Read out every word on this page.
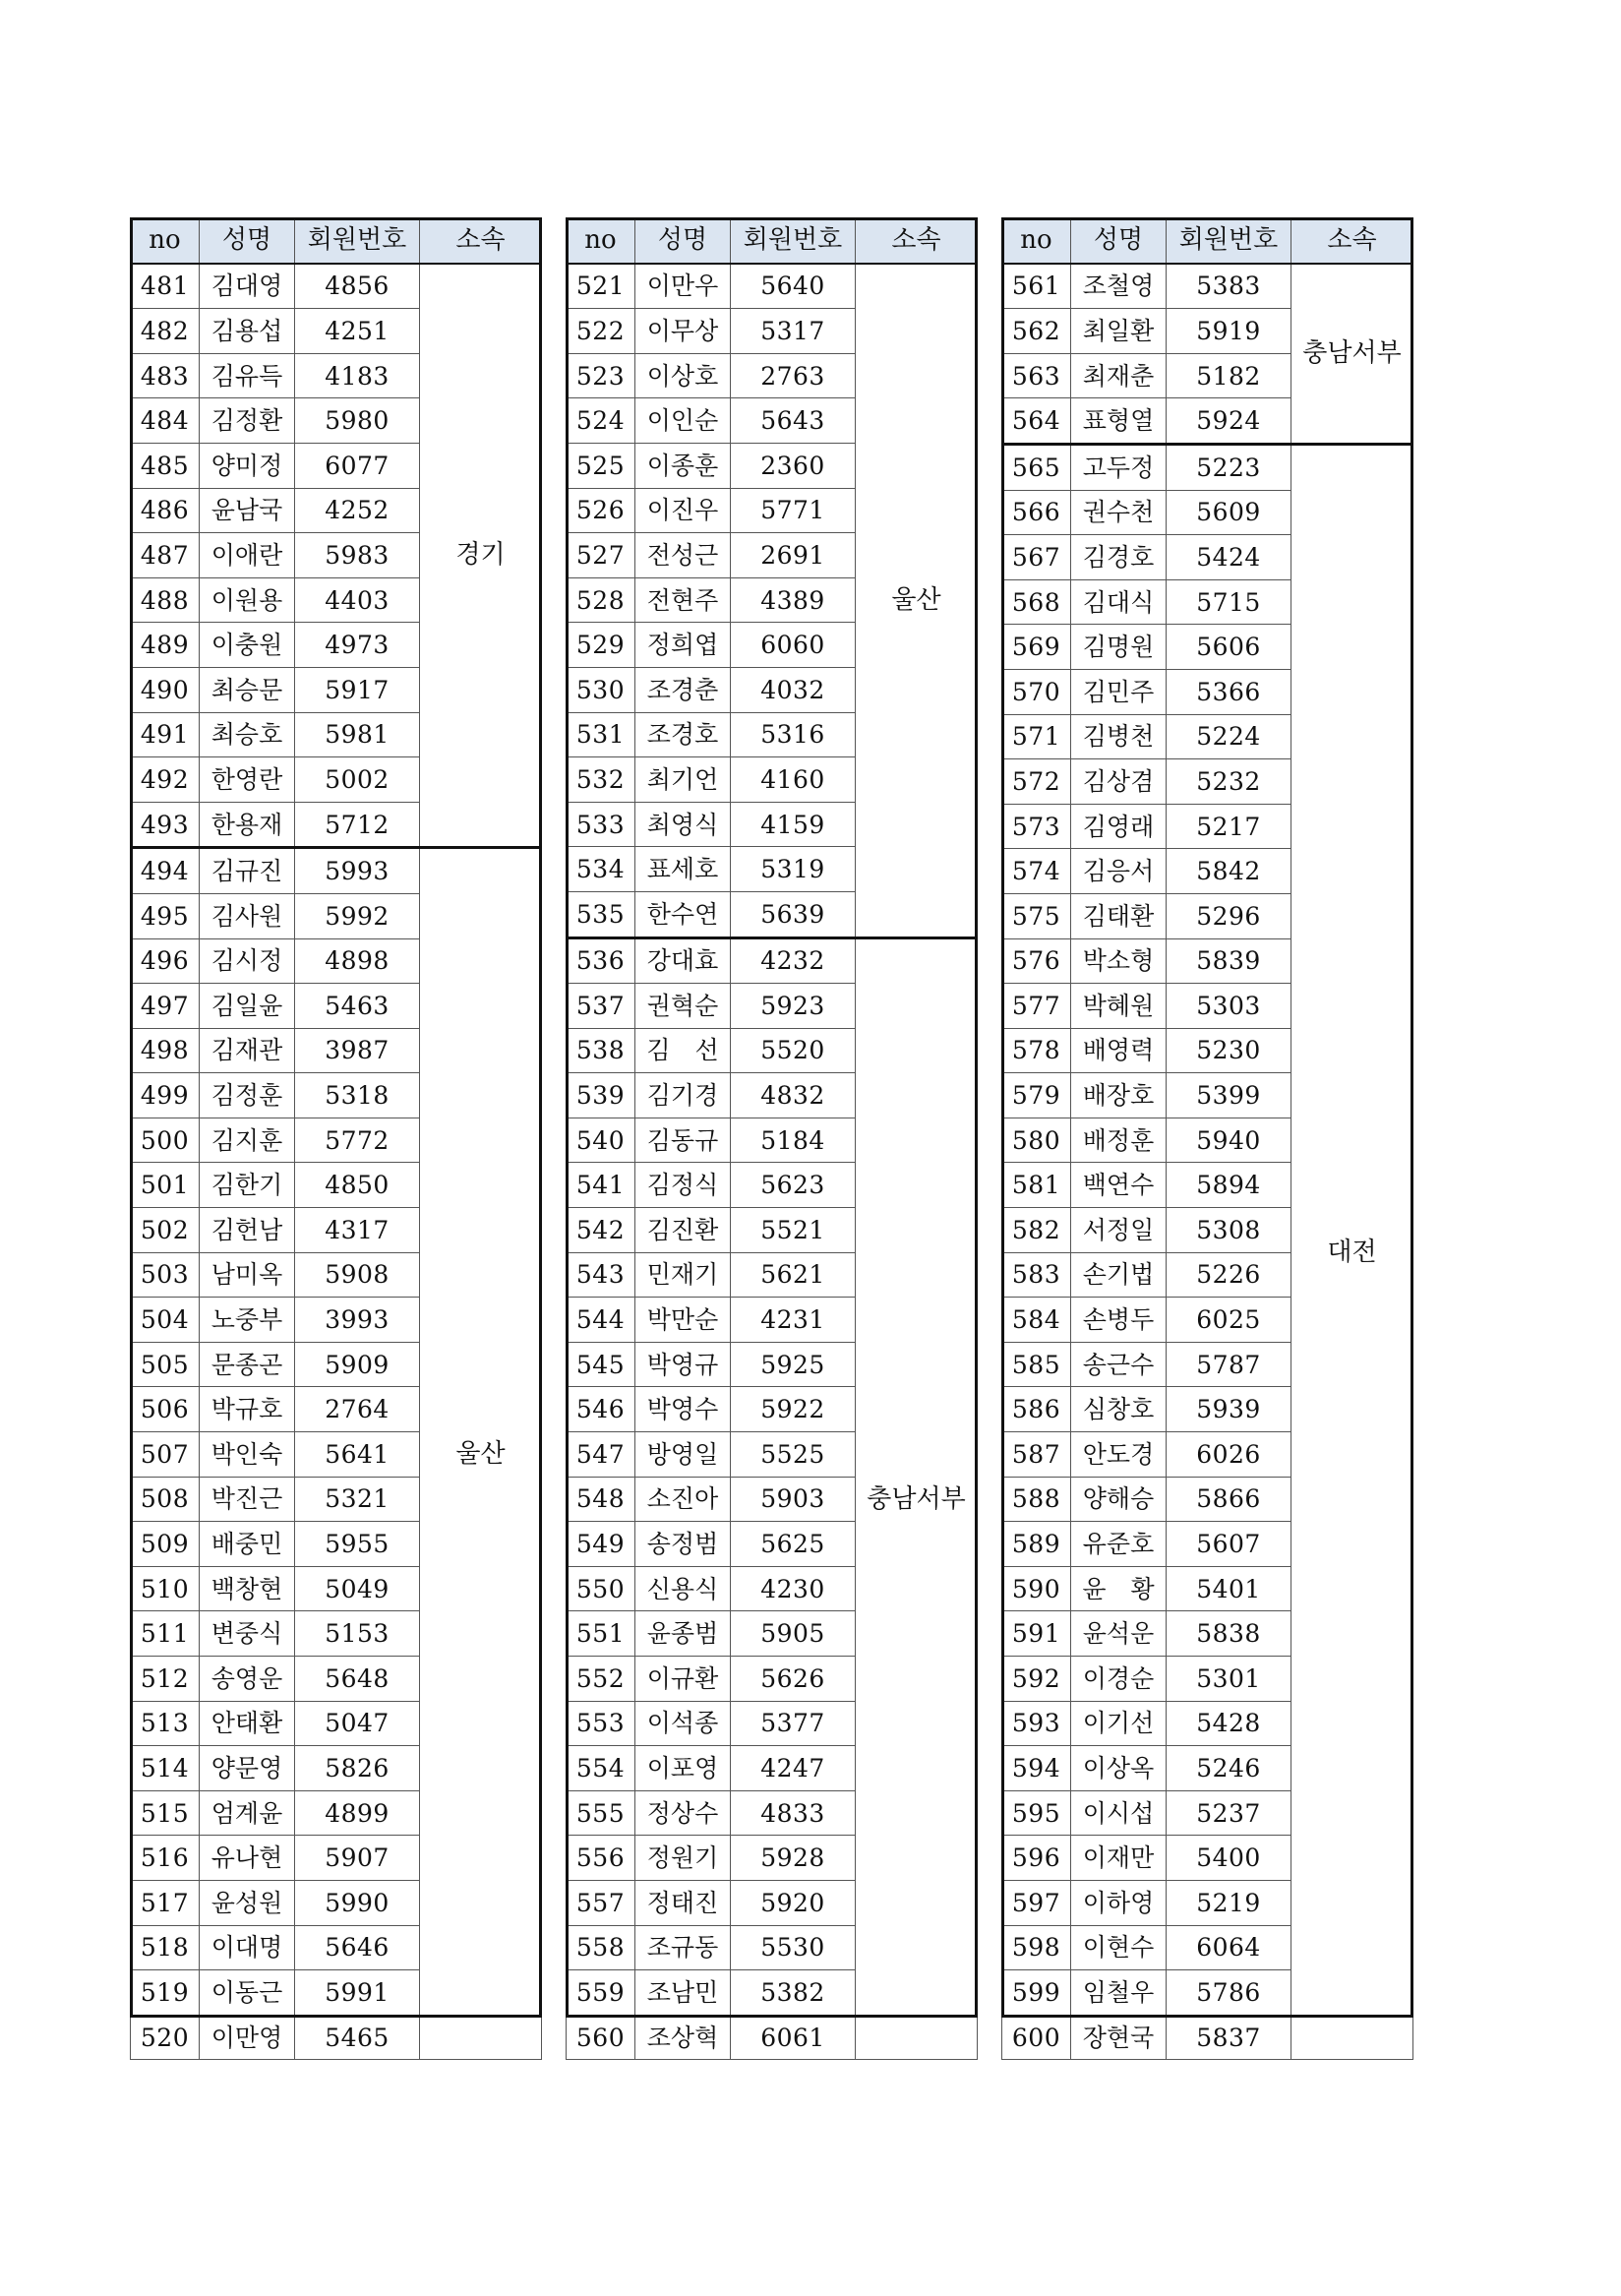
no	성명	회원번호	소속
481	김대영	4856	경기
482	김용섭	4251	
483	김유득	4183	
484	김정환	5980	
485	양미정	6077	
486	윤남국	4252	
487	이애란	5983	
488	이원용	4403	
489	이충원	4973	
490	최승문	5917	
491	최승호	5981	
492	한영란	5002	
493	한용재	5712	
494	김규진	5993	울산
495	김사원	5992	
496	김시정	4898	
497	김일윤	5463	
498	김재관	3987	
499	김정훈	5318	
500	김지훈	5772	
501	김한기	4850	
502	김헌남	4317	
503	남미옥	5908	
504	노중부	3993	
505	문종곤	5909	
506	박규호	2764	
507	박인숙	5641	
508	박진근	5321	
509	배중민	5955	
510	백창현	5049	
511	변중식	5153	
512	송영운	5648	
513	안태환	5047	
514	양문영	5826	
515	엄계윤	4899	
516	유나현	5907	
517	윤성원	5990	
518	이대명	5646	
519	이동근	5991	
520	이만영	5465	
no	성명	회원번호	소속
521	이만우	5640	울산
522	이무상	5317	
523	이상호	2763	
524	이인순	5643	
525	이종훈	2360	
526	이진우	5771	
527	전성근	2691	
528	전현주	4389	
529	정희엽	6060	
530	조경춘	4032	
531	조경호	5316	
532	최기언	4160	
533	최영식	4159	
534	표세호	5319	
535	한수연	5639	
536	강대효	4232	충남서부
537	권혁순	5923	
538	김　선	5520	
539	김기경	4832	
540	김동규	5184	
541	김정식	5623	
542	김진환	5521	
543	민재기	5621	
544	박만순	4231	
545	박영규	5925	
546	박영수	5922	
547	방영일	5525	
548	소진아	5903	
549	송정범	5625	
550	신용식	4230	
551	윤종범	5905	
552	이규환	5626	
553	이석종	5377	
554	이포영	4247	
555	정상수	4833	
556	정원기	5928	
557	정태진	5920	
558	조규동	5530	
559	조남민	5382	
560	조상혁	6061	
no	성명	회원번호	소속
561	조철영	5383	충남서부
562	최일환	5919	
563	최재춘	5182	
564	표형열	5924	
565	고두정	5223	대전
566	권수천	5609	
567	김경호	5424	
568	김대식	5715	
569	김명원	5606	
570	김민주	5366	
571	김병천	5224	
572	김상겸	5232	
573	김영래	5217	
574	김응서	5842	
575	김태환	5296	
576	박소형	5839	
577	박혜원	5303	
578	배영력	5230	
579	배장호	5399	
580	배정훈	5940	
581	백연수	5894	
582	서정일	5308	
583	손기법	5226	
584	손병두	6025	
585	송근수	5787	
586	심창호	5939	
587	안도경	6026	
588	양해승	5866	
589	유준호	5607	
590	윤　황	5401	
591	윤석운	5838	
592	이경순	5301	
593	이기선	5428	
594	이상옥	5246	
595	이시섭	5237	
596	이재만	5400	
597	이하영	5219	
598	이현수	6064	
599	임철우	5786	
600	장현국	5837	
